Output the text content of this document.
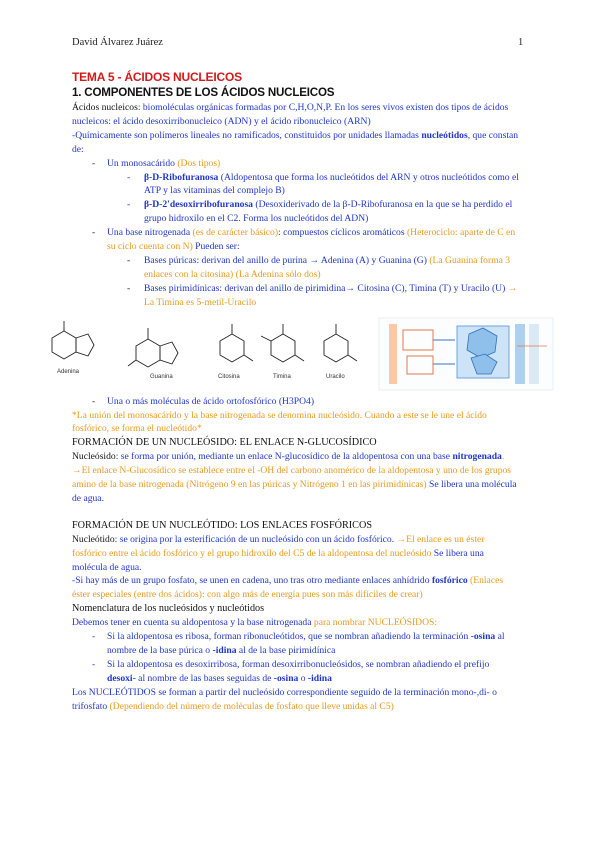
David Álvarez Juárez	1
TEMA 5 - ÁCIDOS NUCLEICOS
1. COMPONENTES DE LOS ÁCIDOS NUCLEICOS

Ácidos nucleicos: biomoléculas orgánicas formadas por C,H,O,N,P. En los seres vivos existen dos tipos de ácidos nucleicos: el ácido desoxirribonucleico (ADN) y el ácido ribonucleico (ARN)

-Químicamente son polímeros lineales no ramificados, constituidos por unidades llamadas nucleótidos, que constan de:

- Un monosacárido (Dos tipos)

- β-D-Ribofuranosa (Aldopentosa que forma los nucleótidos del ARN y otros nucleótidos como el ATP y las vitaminas del complejo B)

- β-D-2'desoxirribofuranosa (Desoxiderivado de la β-D-Ribofuranosa en la que se ha perdido el grupo hidroxilo en el C2. Forma los nucleótidos del ADN)

- Una base nitrogenada (es de carácter básico): compuestos cíclicos aromáticos (Heterociclo: aparte de C en su ciclo cuenta con N) Pueden ser:

- Bases púricas: derivan del anillo de purina → Adenina (A) y Guanina (G) (La Guanina forma 3 enlaces con la citosina) (La Adenina sólo dos)

- Bases pirimidínicas: derivan del anillo de pirimidina→ Citosina (C), Timina (T) y Uracilo (U) → La Timina es 5-metil-Uracilo

Adenina
Guanina	Citosina	Timina	Uracilo

- Una o más moléculas de ácido ortofosfórico (H3PO4)

*La unión del monosacárido y la base nitrogenada se denomina nucleósido. Cuando a este se le une el ácido fosfórico, se forma el nucleótido*

FORMACIÓN DE UN NUCLEÓSIDO: EL ENLACE N-GLUCOSÍDICO

Nucleósido: se forma por unión, mediante un enlace N-glucosídico de la aldopentosa con una base nitrogenada. →El enlace N-Glucosídico se establece entre el -OH del carbono anomérico de la aldopentosa y uno de los grupos amino de la base nitrogenada (Nitrógeno 9 en las púricas y Nitrógeno 1 en las pirimidínicas) Se libera una molécula de agua.

FORMACIÓN DE UN NUCLEÓTIDO: LOS ENLACES FOSFÓRICOS

Nucleótido: se origina por la esterificación de un nucleósido con un ácido fosfórico. →El enlace es un éster fosfórico entre el ácido fosfórico y el grupo hidroxilo del C5 de la aldopentosa del nucleósido Se libera una molécula de agua.

-Si hay más de un grupo fosfato, se unen en cadena, uno tras otro mediante enlaces anhídrido fosfórico (Enlaces éster especiales (entre dos ácidos): con algo más de energía pues son más difíciles de crear)

Nomenclatura de los nucleósidos y nucleótidos

Debemos tener en cuenta su aldopentosa y la base nitrogenada para nombrar NUCLEÓSIDOS:

- Si la aldopentosa es ribosa, forman ribonucleótidos, que se nombran añadiendo la terminación -osina al nombre de la base púrica o -idina al de la base pirimidínica

- Si la aldopentosa es desoxirribosa, forman desoxirribonucleósidos, se nombran añadiendo el prefijo desoxi- al nombre de las bases seguidas de -osina o -idina

Los NUCLEÓTIDOS se forman a partir del nucleósido correspondiente seguido de la terminación mono-,di- o trifosfato (Dependiendo del número de moléculas de fosfato que lleve unidas al C5)
